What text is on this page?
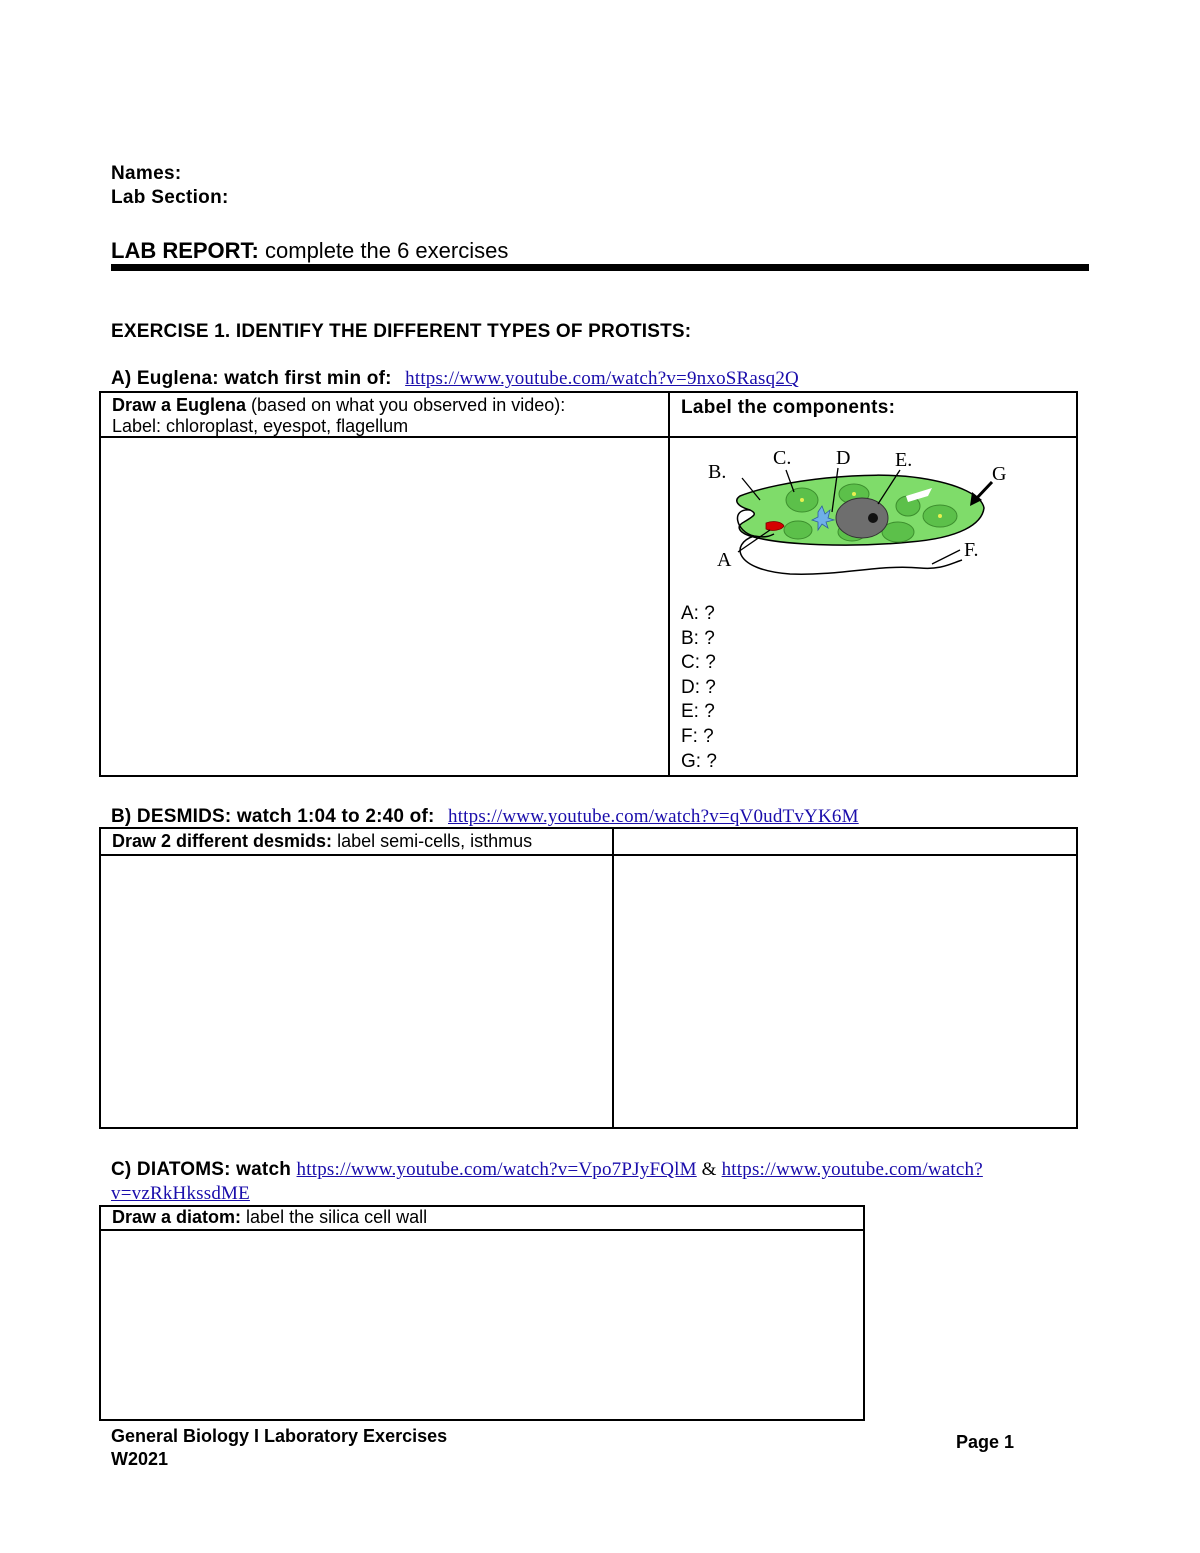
Names:
Lab Section:
LAB REPORT: complete the 6 exercises
EXERCISE 1. IDENTIFY THE DIFFERENT TYPES OF PROTISTS:
A) Euglena: watch first min of: https://www.youtube.com/watch?v=9nxoSRasq2Q
Draw a Euglena (based on what you observed in video):
Label: chloroplast, eyespot, flagellum
Label the components:
B.
C. D E.
G
A	F.
A: ?
B: ?
C: ?
D: ?
E: ?
F: ?
G: ?
B) DESMIDS: watch 1:04 to 2:40 of: https://www.youtube.com/watch?v=qV0udTvYK6M
Draw 2 different desmids: label semi-cells, isthmus
C) DIATOMS: watch https://www.youtube.com/watch?v=Vpo7PJyFQlM & https://www.youtube.com/watch?
v=vzRkHkssdME
Draw a diatom: label the silica cell wall
General Biology I Laboratory Exercises
W2021
Page 1
